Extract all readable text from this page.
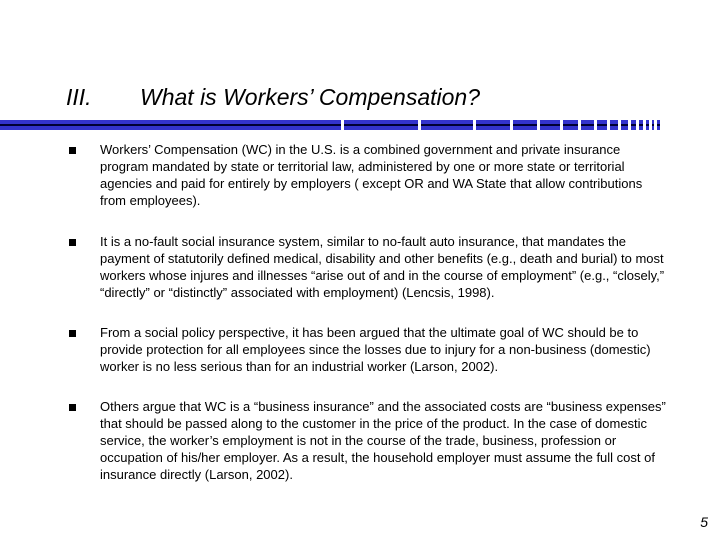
III. What is Workers’ Compensation?
Workers’ Compensation (WC) in the U.S. is a combined government and private insurance program mandated by state or territorial law, administered by one or more state or territorial agencies and paid for entirely by employers ( except OR and WA State that allow contributions from employees).
It is a no-fault social insurance system, similar to no-fault auto insurance, that mandates the payment of statutorily defined medical, disability and other benefits (e.g., death and burial) to most workers whose injures and illnesses “arise out of and in the course of employment” (e.g., “closely,” “directly” or “distinctly” associated with employment) (Lencsis, 1998).
From a social policy perspective, it has been argued that the ultimate goal of WC should be to provide protection for all employees since the losses due to injury for a non-business (domestic) worker is no less serious than for an industrial worker (Larson, 2002).
Others argue that WC is a “business insurance” and the associated costs are “business expenses” that should be passed along to the customer in the price of the product. In the case of domestic service, the worker’s employment is not in the course of the trade, business, profession or occupation of his/her employer. As a result, the household employer must assume the full cost of insurance directly (Larson, 2002).
5
